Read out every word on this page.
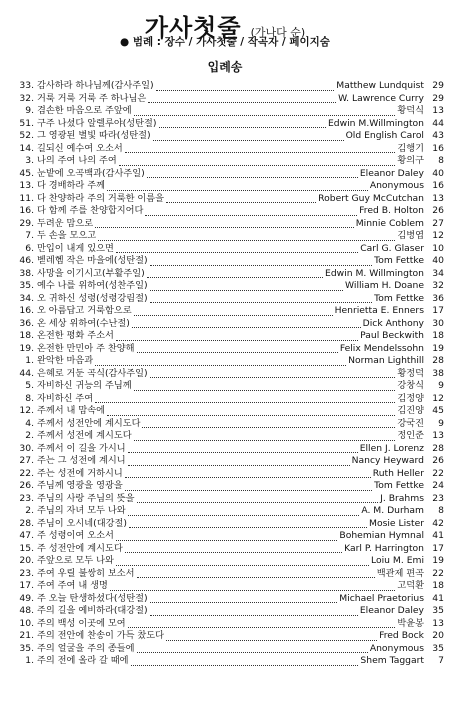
가사첫줄 (가나다 순)
● 범례 : 장수 / 가사첫줄 / 작곡자 / 페이지숨
입례송
33. 감사하라 하나님께(감사주일)	Matthew Lundquist 29
32. 거룩 거룩 거룩 주 하나님은	W. Lawrence Curry 29
9. 겸손한 마음으로 주앞에	황덕식 13
51. 구주 나셨다 알렐루야(성탄절)	Edwin M.Willmington 44
52. 그 영광된 별빛 따라(성탄절)	Old English Carol 43
14. 길되신 예수여 오소서	김행기 16
3. 나의 주여 나의 주여	황의구	8
45. 눈밭에 오곡백과(감사주일)	Eleanor Daley 40
13. 다 경배하라 주께	Anonymous 16
11. 다 찬양하라 주의 거룩한 이름을	Robert Guy McCutchan 13
16. 다 함께 주를 찬양합지어다	Fred B. Holton 26
29. 두려운 맘으로	Minnie Coblem 27
7. 두 손을 모으고	김병엽 12
6. 만입이 내게 있으면	Carl G. Glaser 10
46. 벧레헴 작은 마을에(성탄절)	Tom Fettke 40
38. 사망을 이기시고(부활주일)	Edwin M. Willmington 34
35. 예수 나를 위하여(성찬주일)	William H. Doane 32
34. 오 귀하신 성령(성령강림절)	Tom Fettke 36
16. 오 아름답고 거룩함으로	Henrietta E. Enners 17
36. 온 세상 위하여(수난절)	Dick Anthony 30
18. 온전한 평화 주소서	Paul Beckwith 18
19. 온전한 만민아 주 찬양해	Felix Mendelssohn 19
1. 완악한 마음과	Norman Lighthill 28
44. 은혜로 거둔 곡식(감사주일)	황정덕 38
5. 자비하신 귀능의 주님께	강창식	9
8. 자비하신 주여	김정양 12
12. 주께서 내 맘속에	김진양 45
4. 주께서 성전안에 계시도다	강국진	9
2. 주께서 성전에 계시도다	정인준 13
30. 주께서 이 길을 가시니	Ellen J. Lorenz 28
27. 주는 그 성전에 계시니	Nancy Heyward 26
22. 주는 성전에 거하시니	Ruth Heller 22
26. 주님께 영광을 영광을	Tom Fettke 24
23. 주님의 사랑 주님의 뜻을	J. Brahms 23
2. 주님의 자녀 모두 나와	A. M. Durham	8
28. 주님이 오시네(대강절)	Mosie Lister 42
47. 주 성령이여 오소서	Bohemian Hymnal 41
15. 주 성전안에 계시도다	Karl P. Harrington 17
20. 주앞으로 모두 나와	Loiu M. Emi 19
23. 주여 우릴 불쌍히 보소서	백관제 편곡 22
17. 주여 주여 내 생명	고덕환 18
49. 주 오늘 탄생하셨다(성탄절)	Michael Praetorius 41
48. 주의 길을 예비하라(대강절)	Eleanor Daley 35
10. 주의 백성 이곳에 모여	박윤봉 13
21. 주의 전안에 찬송이 가득 찼도다	Fred Bock 20
35. 주의 얼굴을 주의 종들에	Anonymous 35
1. 주의 전에 올라 갈 때에	Shem Taggart	7
